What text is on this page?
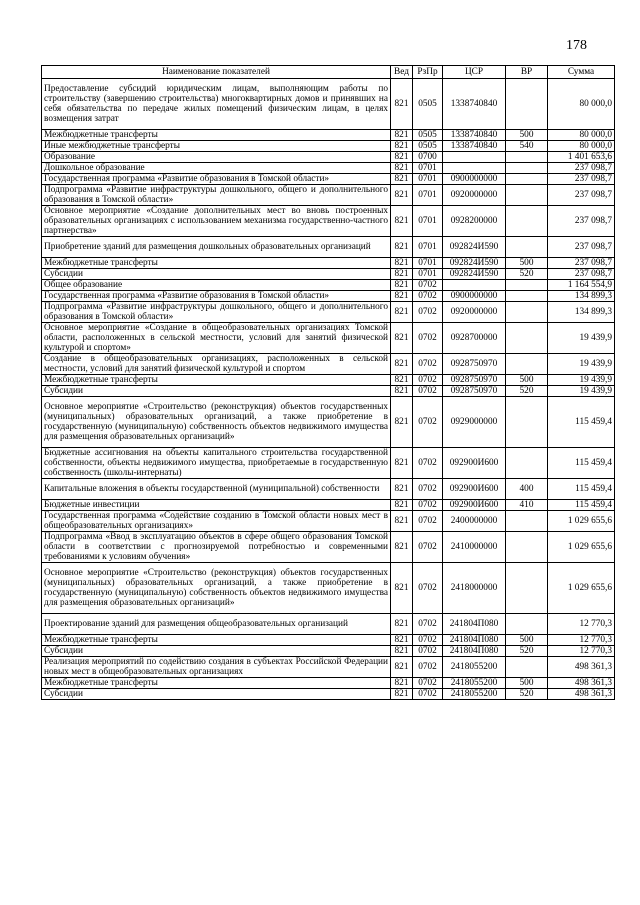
178
Наименование показателей	Вед	РзПр	ЦСР	ВР	Сумма
Предоставление субсидий юридическим лицам, выполняющим работы по строительству (завершению строительства) многоквартирных домов и принявших на себя обязательства по передаче жилых помещений физическим лицам, в целях возмещения затрат	821	0505	1338740840		80 000,0
Межбюджетные трансферты	821	0505	1338740840	500	80 000,0
Иные межбюджетные трансферты	821	0505	1338740840	540	80 000,0
Образование	821	0700			1 401 653,6
Дошкольное образование	821	0701			237 098,7
Государственная программа «Развитие образования в Томской области»	821	0701	0900000000		237 098,7
Подпрограмма «Развитие инфраструктуры дошкольного, общего и дополнительного образования в Томской области»	821	0701	0920000000		237 098,7
Основное мероприятие «Создание дополнительных мест во вновь построенных образовательных организациях с использованием механизма государственно-частного партнерства»	821	0701	0928200000		237 098,7
Приобретение зданий для размещения дошкольных образовательных организаций	821	0701	092824И590		237 098,7
Межбюджетные трансферты	821	0701	092824И590	500	237 098,7
Субсидии	821	0701	092824И590	520	237 098,7
Общее образование	821	0702			1 164 554,9
Государственная программа «Развитие образования в Томской области»	821	0702	0900000000		134 899,3
Подпрограмма «Развитие инфраструктуры дошкольного, общего и дополнительного образования в Томской области»	821	0702	0920000000		134 899,3
Основное мероприятие «Создание в общеобразовательных организациях Томской области, расположенных в сельской местности, условий для занятий физической культурой и спортом»	821	0702	0928700000		19 439,9
Создание в общеобразовательных организациях, расположенных в сельской местности, условий для занятий физической культурой и спортом	821	0702	0928750970		19 439,9
Межбюджетные трансферты	821	0702	0928750970	500	19 439,9
Субсидии	821	0702	0928750970	520	19 439,9
Основное мероприятие «Строительство (реконструкция) объектов государственных (муниципальных) образовательных организаций, а также приобретение в государственную (муниципальную) собственность объектов недвижимого имущества для размещения образовательных организаций»	821	0702	0929000000		115 459,4
Бюджетные ассигнования на объекты капитального строительства государственной собственности, объекты недвижимого имущества, приобретаемые в государственную собственность (школы-интернаты)	821	0702	092900И600		115 459,4
Капитальные вложения в объекты государственной (муниципальной) собственности	821	0702	092900И600	400	115 459,4
Бюджетные инвестиции	821	0702	092900И600	410	115 459,4
Государственная программа «Содействие созданию в Томской области новых мест в общеобразовательных организациях»	821	0702	2400000000		1 029 655,6
Подпрограмма «Ввод в эксплуатацию объектов в сфере общего образования Томской области в соответствии с прогнозируемой потребностью и современными требованиями к условиям обучения»	821	0702	2410000000		1 029 655,6
Основное мероприятие «Строительство (реконструкция) объектов государственных (муниципальных) образовательных организаций, а также приобретение в государственную (муниципальную) собственность объектов недвижимого имущества для размещения образовательных организаций»	821	0702	2418000000		1 029 655,6
Проектирование зданий для размещения общеобразовательных организаций	821	0702	241804П080		12 770,3
Межбюджетные трансферты	821	0702	241804П080	500	12 770,3
Субсидии	821	0702	241804П080	520	12 770,3
Реализация мероприятий по содействию создания в субъектах Российской Федерации новых мест в общеобразовательных организациях	821	0702	2418055200		498 361,3
Межбюджетные трансферты	821	0702	2418055200	500	498 361,3
Субсидии	821	0702	2418055200	520	498 361,3
